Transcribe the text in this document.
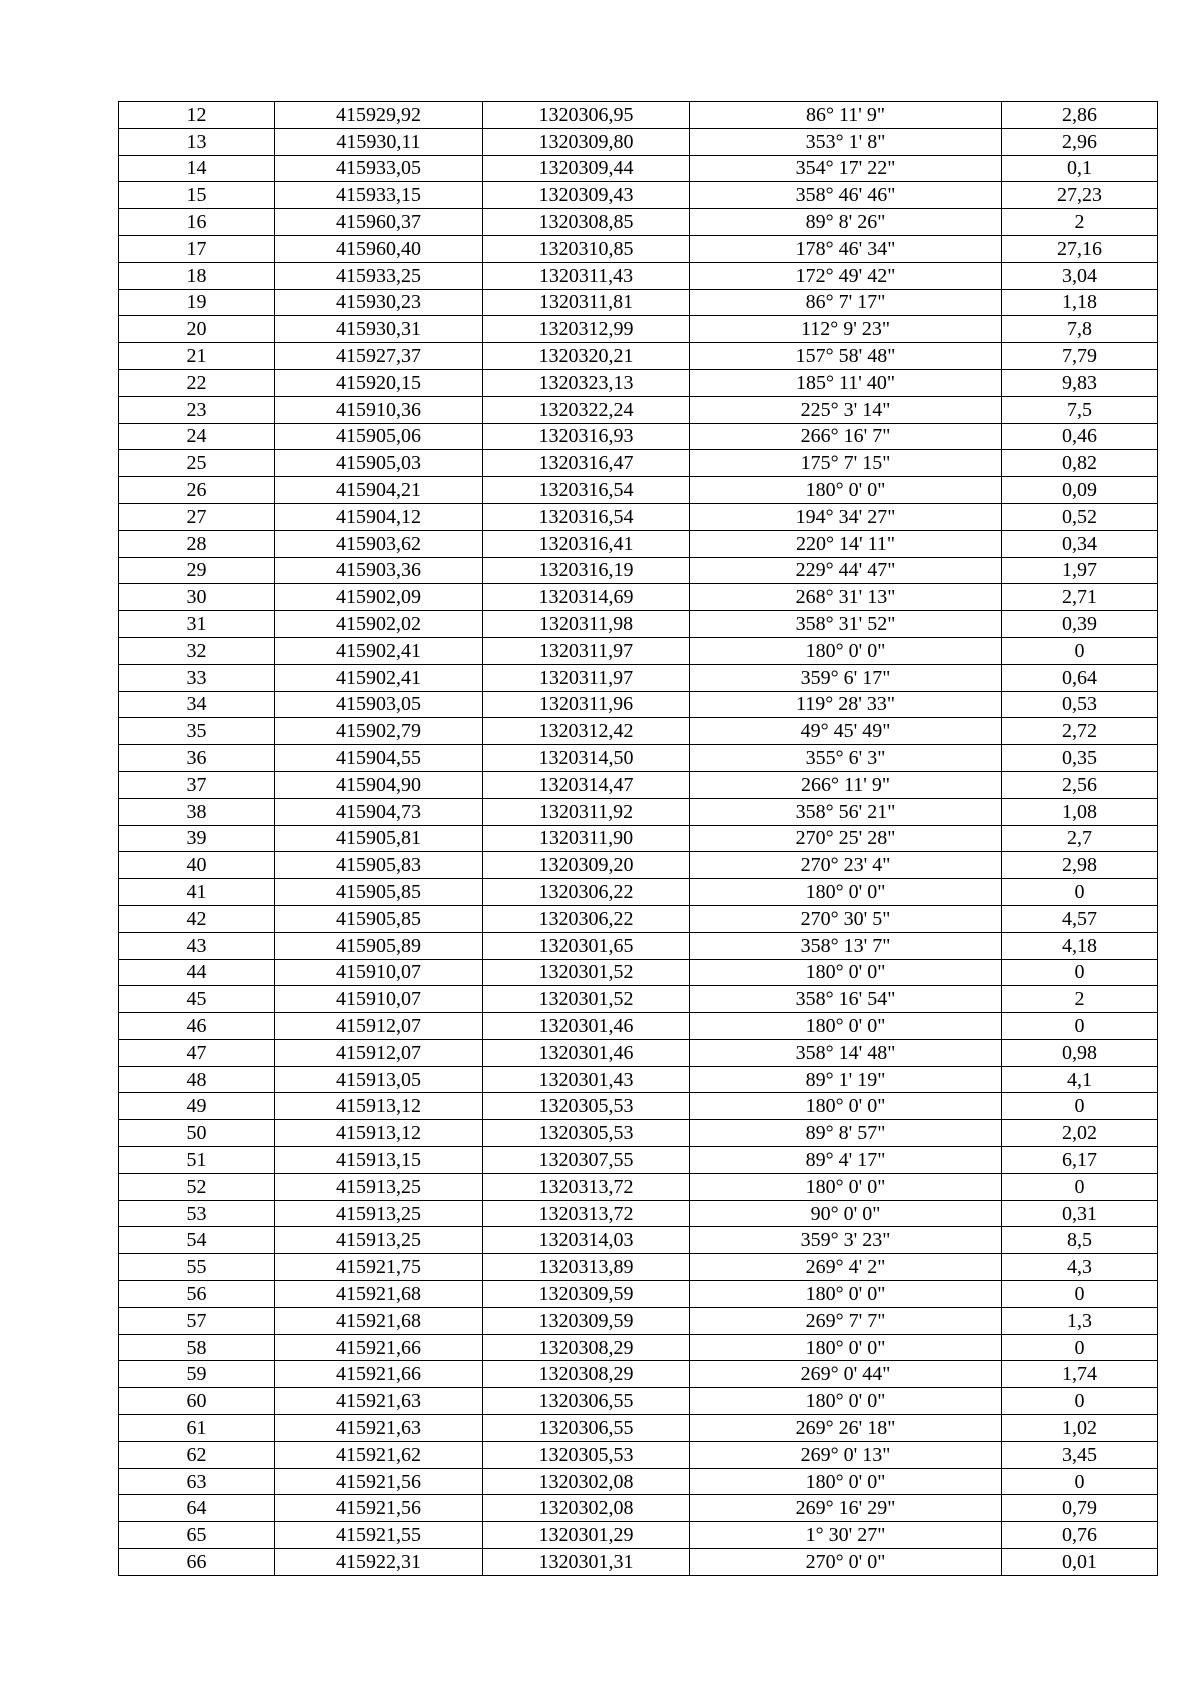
12	415929,92	1320306,95	86° 11' 9"	2,86
13	415930,11	1320309,80	353° 1' 8"	2,96
14	415933,05	1320309,44	354° 17' 22"	0,1
15	415933,15	1320309,43	358° 46' 46"	27,23
16	415960,37	1320308,85	89° 8' 26"	2
17	415960,40	1320310,85	178° 46' 34"	27,16
18	415933,25	1320311,43	172° 49' 42"	3,04
19	415930,23	1320311,81	86° 7' 17"	1,18
20	415930,31	1320312,99	112° 9' 23"	7,8
21	415927,37	1320320,21	157° 58' 48"	7,79
22	415920,15	1320323,13	185° 11' 40"	9,83
23	415910,36	1320322,24	225° 3' 14"	7,5
24	415905,06	1320316,93	266° 16' 7"	0,46
25	415905,03	1320316,47	175° 7' 15"	0,82
26	415904,21	1320316,54	180° 0' 0"	0,09
27	415904,12	1320316,54	194° 34' 27"	0,52
28	415903,62	1320316,41	220° 14' 11"	0,34
29	415903,36	1320316,19	229° 44' 47"	1,97
30	415902,09	1320314,69	268° 31' 13"	2,71
31	415902,02	1320311,98	358° 31' 52"	0,39
32	415902,41	1320311,97	180° 0' 0"	0
33	415902,41	1320311,97	359° 6' 17"	0,64
34	415903,05	1320311,96	119° 28' 33"	0,53
35	415902,79	1320312,42	49° 45' 49"	2,72
36	415904,55	1320314,50	355° 6' 3"	0,35
37	415904,90	1320314,47	266° 11' 9"	2,56
38	415904,73	1320311,92	358° 56' 21"	1,08
39	415905,81	1320311,90	270° 25' 28"	2,7
40	415905,83	1320309,20	270° 23' 4"	2,98
41	415905,85	1320306,22	180° 0' 0"	0
42	415905,85	1320306,22	270° 30' 5"	4,57
43	415905,89	1320301,65	358° 13' 7"	4,18
44	415910,07	1320301,52	180° 0' 0"	0
45	415910,07	1320301,52	358° 16' 54"	2
46	415912,07	1320301,46	180° 0' 0"	0
47	415912,07	1320301,46	358° 14' 48"	0,98
48	415913,05	1320301,43	89° 1' 19"	4,1
49	415913,12	1320305,53	180° 0' 0"	0
50	415913,12	1320305,53	89° 8' 57"	2,02
51	415913,15	1320307,55	89° 4' 17"	6,17
52	415913,25	1320313,72	180° 0' 0"	0
53	415913,25	1320313,72	90° 0' 0"	0,31
54	415913,25	1320314,03	359° 3' 23"	8,5
55	415921,75	1320313,89	269° 4' 2"	4,3
56	415921,68	1320309,59	180° 0' 0"	0
57	415921,68	1320309,59	269° 7' 7"	1,3
58	415921,66	1320308,29	180° 0' 0"	0
59	415921,66	1320308,29	269° 0' 44"	1,74
60	415921,63	1320306,55	180° 0' 0"	0
61	415921,63	1320306,55	269° 26' 18"	1,02
62	415921,62	1320305,53	269° 0' 13"	3,45
63	415921,56	1320302,08	180° 0' 0"	0
64	415921,56	1320302,08	269° 16' 29"	0,79
65	415921,55	1320301,29	1° 30' 27"	0,76
66	415922,31	1320301,31	270° 0' 0"	0,01
